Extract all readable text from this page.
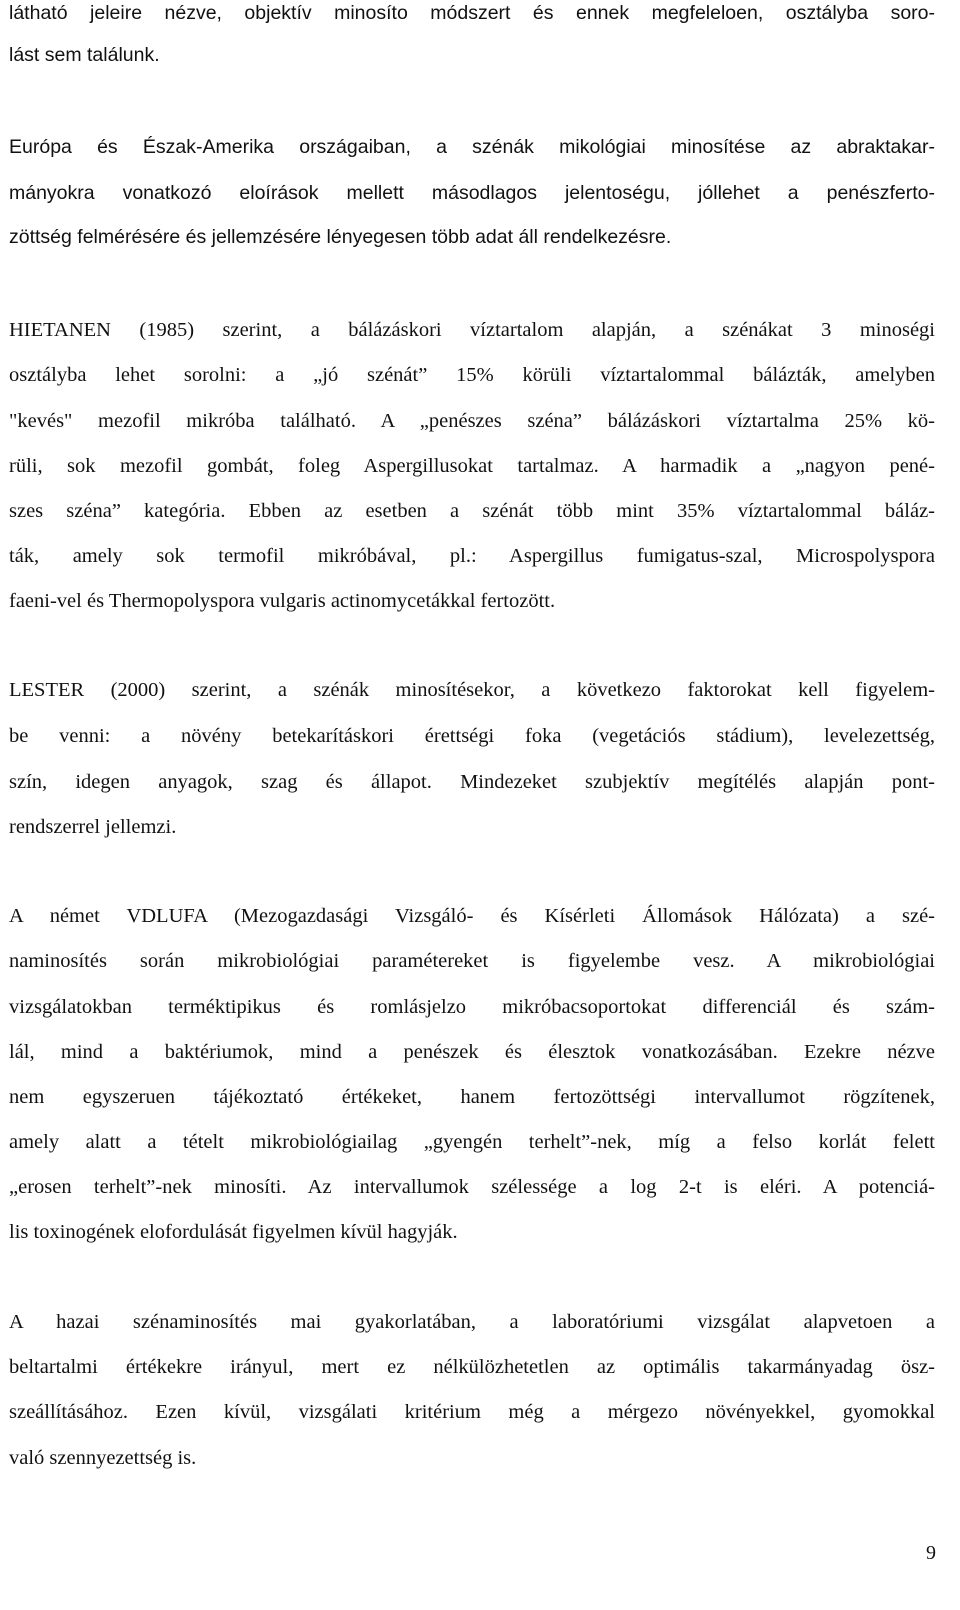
látható jeleire nézve, objektív minosíto módszert és ennek megfeleloen, osztályba soro-
lást sem találunk.
Európa és Észak-Amerika országaiban, a szénák mikológiai minosítése az abraktakar-
mányokra vonatkozó eloírások mellett másodlagos jelentoségu, jóllehet a penészferto-
zöttség felmérésére és jellemzésére lényegesen több adat áll rendelkezésre.
HIETANEN (1985) szerint, a bálázáskori víztartalom alapján, a szénákat 3 minoségi
osztályba lehet sorolni: a „jó szénát” 15% körüli víztartalommal bálázták, amelyben
"kevés" mezofil mikróba található. A „penészes széna” bálázáskori víztartalma 25% kö-
rüli, sok mezofil gombát, foleg Aspergillusokat tartalmaz. A harmadik a „nagyon pené-
szes széna” kategória. Ebben az esetben a szénát több mint 35% víztartalommal báláz-
ták, amely sok termofil mikróbával, pl.: Aspergillus fumigatus-szal, Microspolyspora
faeni-vel és Thermopolyspora vulgaris actinomycetákkal fertozött.
LESTER (2000) szerint, a szénák minosítésekor, a következo faktorokat kell figyelem-
be venni: a növény betekarításkori érettségi foka (vegetációs stádium), levelezettség,
szín, idegen anyagok, szag és állapot. Mindezeket szubjektív megítélés alapján pont-
rendszerrel jellemzi.
A német VDLUFA (Mezogazdasági Vizsgáló- és Kísérleti Állomások Hálózata) a szé-
naminosítés során mikrobiológiai paramétereket is figyelembe vesz. A mikrobiológiai
vizsgálatokban terméktipikus és romlásjelzo mikróbacsoportokat differenciál és szám-
lál, mind a baktériumok, mind a penészek és élesztok vonatkozásában. Ezekre nézve
nem egyszeruen tájékoztató értékeket, hanem fertozöttségi intervallumot rögzítenek,
amely alatt a tételt mikrobiológiailag „gyengén terhelt”-nek, míg a felso korlát felett
„erosen terhelt”-nek minosíti. Az intervallumok szélessége a log 2-t is eléri. A potenciá-
lis toxinogének elofordulását figyelmen kívül hagyják.
A hazai szénaminosítés mai gyakorlatában, a laboratóriumi vizsgálat alapvetoen a
beltartalmi értékekre irányul, mert ez nélkülözhetetlen az optimális takarmányadag ösz-
szeállításához. Ezen kívül, vizsgálati kritérium még a mérgezo növényekkel, gyomokkal
való szennyezettség is.
9
